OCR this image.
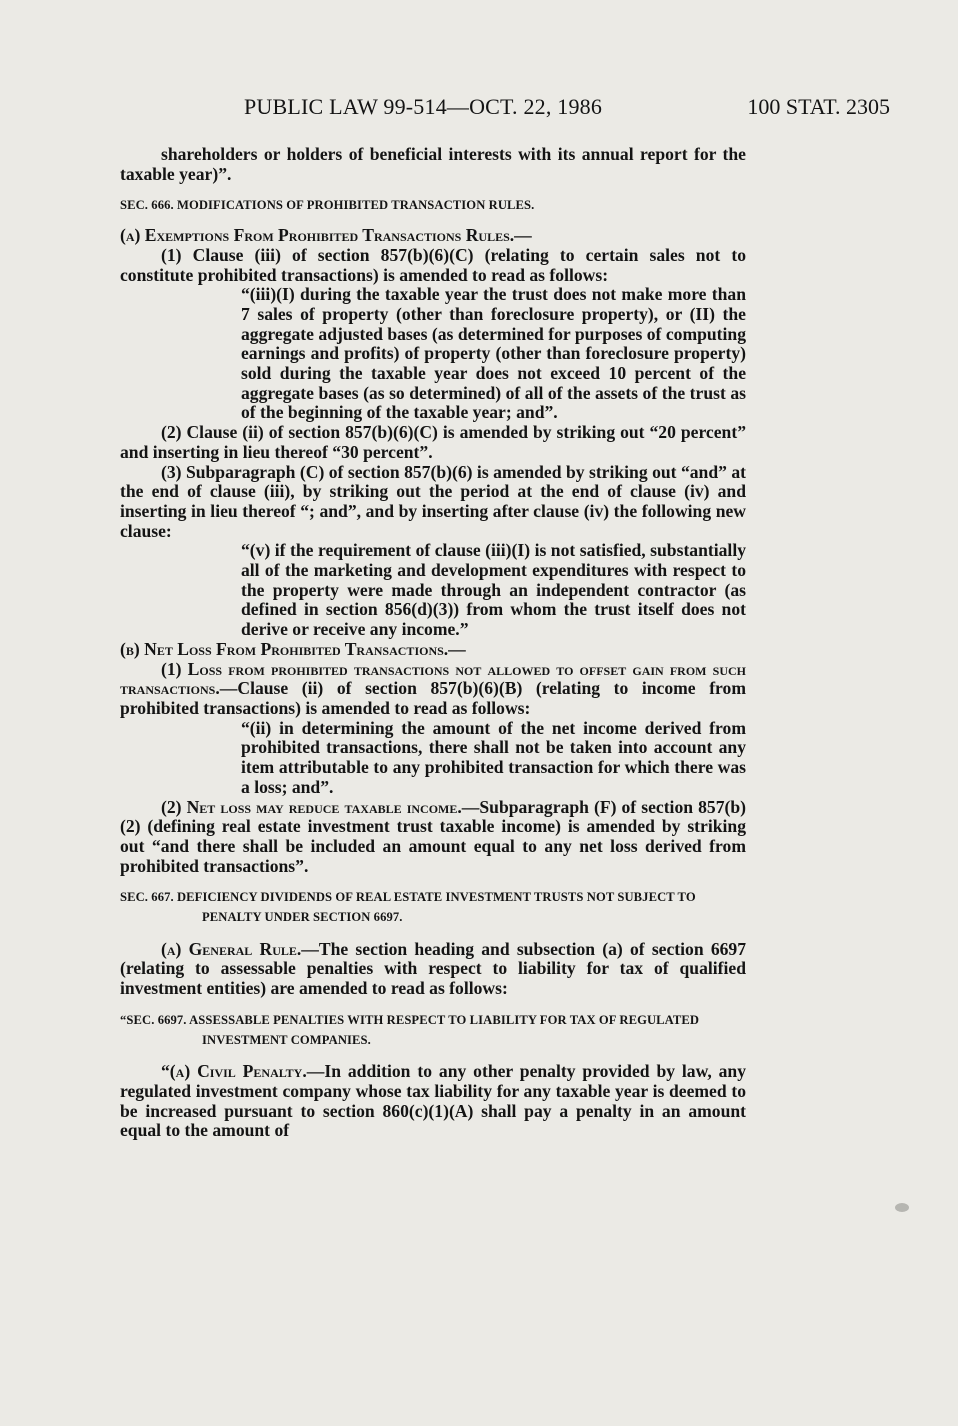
PUBLIC LAW 99-514—OCT. 22, 1986	100 STAT. 2305

shareholders or holders of beneficial interests with its annual report for the taxable year)”.

SEC. 666. MODIFICATIONS OF PROHIBITED TRANSACTION RULES.

(a) Exemptions From Prohibited Transactions Rules.—

(1) Clause (iii) of section 857(b)(6)(C) (relating to certain sales not to constitute prohibited transactions) is amended to read as follows:

“(iii)(I) during the taxable year the trust does not make more than 7 sales of property (other than foreclosure property), or (II) the aggregate adjusted bases (as determined for purposes of computing earnings and profits) of property (other than foreclosure property) sold during the taxable year does not exceed 10 percent of the aggregate bases (as so determined) of all of the assets of the trust as of the beginning of the taxable year; and”.

(2) Clause (ii) of section 857(b)(6)(C) is amended by striking out “20 percent” and inserting in lieu thereof “30 percent”.

(3) Subparagraph (C) of section 857(b)(6) is amended by striking out “and” at the end of clause (iii), by striking out the period at the end of clause (iv) and inserting in lieu thereof “; and”, and by inserting after clause (iv) the following new clause:

“(v) if the requirement of clause (iii)(I) is not satisfied, substantially all of the marketing and development expenditures with respect to the property were made through an independent contractor (as defined in section 856(d)(3)) from whom the trust itself does not derive or receive any income.”

(b) Net Loss From Prohibited Transactions.—

(1) Loss from prohibited transactions not allowed to offset gain from such transactions.—Clause (ii) of section 857(b)(6)(B) (relating to income from prohibited transactions) is amended to read as follows:

“(ii) in determining the amount of the net income derived from prohibited transactions, there shall not be taken into account any item attributable to any prohibited transaction for which there was a loss; and”.

(2) Net loss may reduce taxable income.—Subparagraph (F) of section 857(b)(2) (defining real estate investment trust taxable income) is amended by striking out “and there shall be included an amount equal to any net loss derived from prohibited transactions”.

SEC. 667. DEFICIENCY DIVIDENDS OF REAL ESTATE INVESTMENT TRUSTS NOT SUBJECT TO PENALTY UNDER SECTION 6697.

(a) General Rule.—The section heading and subsection (a) of section 6697 (relating to assessable penalties with respect to liability for tax of qualified investment entities) are amended to read as follows:

“SEC. 6697. ASSESSABLE PENALTIES WITH RESPECT TO LIABILITY FOR TAX OF REGULATED INVESTMENT COMPANIES.

“(a) Civil Penalty.—In addition to any other penalty provided by law, any regulated investment company whose tax liability for any taxable year is deemed to be increased pursuant to section 860(c)(1)(A) shall pay a penalty in an amount equal to the amount of
